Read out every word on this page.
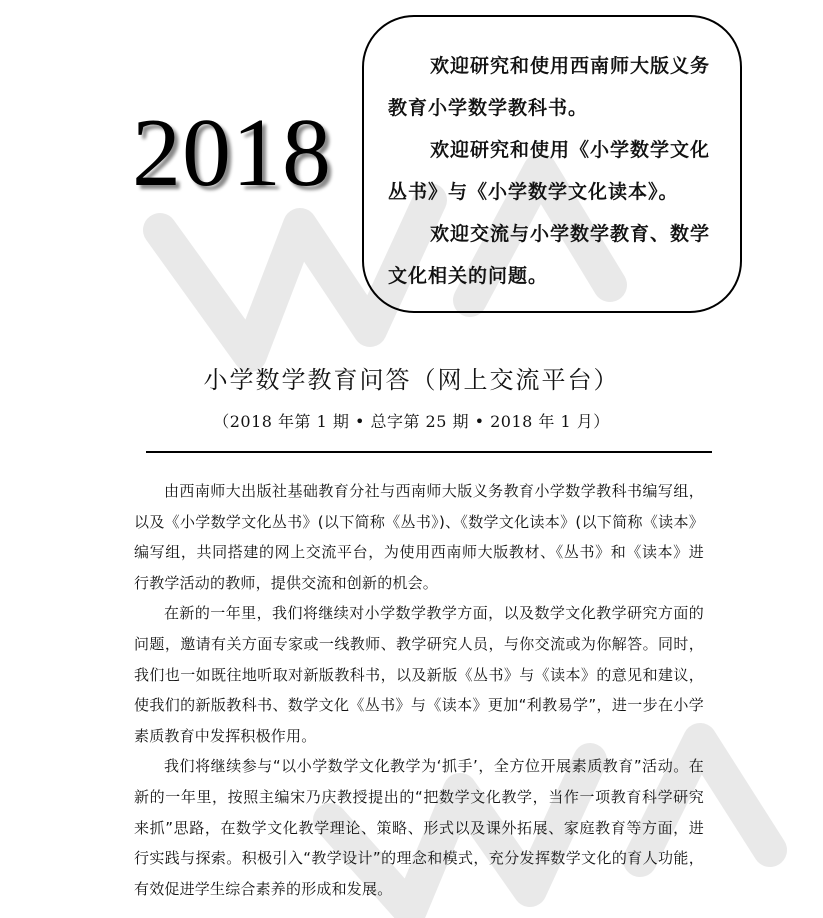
2018

欢迎研究和使用西南师大版义务教育小学数学教科书。

欢迎研究和使用《小学数学文化丛书》与《小学数学文化读本》。

欢迎交流与小学数学教育、数学文化相关的问题。

小学数学教育问答（网上交流平台）
（2018 年第 1 期 • 总字第 25 期 • 2018 年 1 月）

由西南师大出版社基础教育分社与西南师大版义务教育小学数学教科书编写组，以及《小学数学文化丛书》(以下简称《丛书》)、《数学文化读本》(以下简称《读本》编写组，共同搭建的网上交流平台，为使用西南师大版教材、《丛书》和《读本》进行教学活动的教师，提供交流和创新的机会。

在新的一年里，我们将继续对小学数学教学方面，以及数学文化教学研究方面的问题，邀请有关方面专家或一线教师、教学研究人员，与你交流或为你解答。同时，我们也一如既往地听取对新版教科书，以及新版《丛书》与《读本》的意见和建议，使我们的新版教科书、数学文化《丛书》与《读本》更加“利教易学”，进一步在小学素质教育中发挥积极作用。

我们将继续参与“以小学数学文化教学为‘抓手’，全方位开展素质教育”活动。在新的一年里，按照主编宋乃庆教授提出的“把数学文化教学，当作一项教育科学研究来抓”思路，在数学文化教学理论、策略、形式以及课外拓展、家庭教育等方面，进行实践与探索。积极引入“教学设计”的理念和模式，充分发挥数学文化的育人功能，有效促进学生综合素养的形成和发展。
